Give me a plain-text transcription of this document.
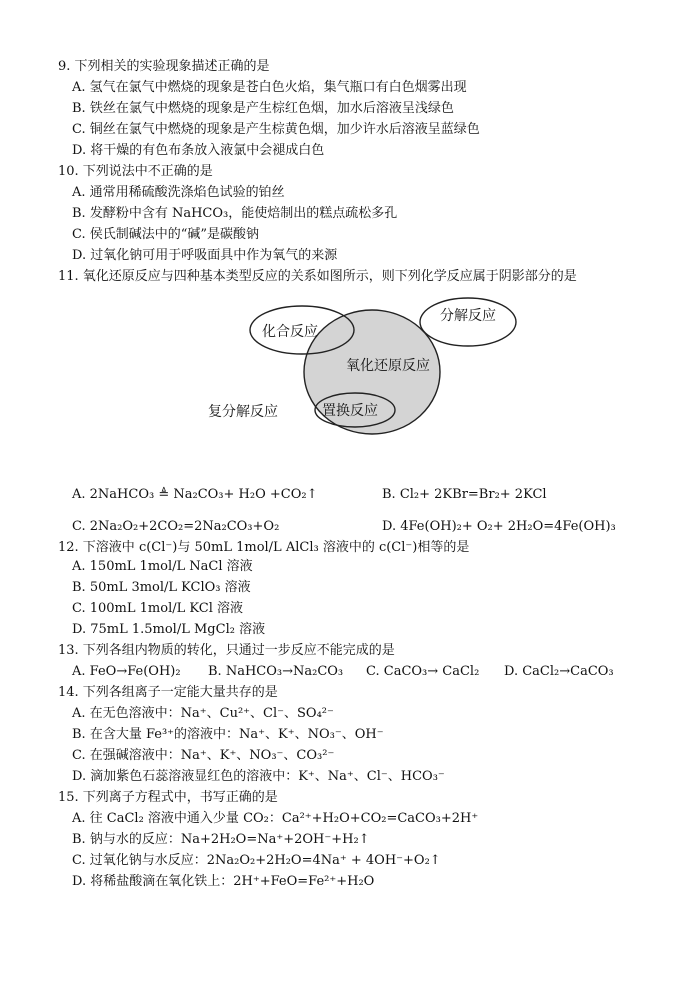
9. 下列相关的实验现象描述正确的是
A. 氢气在氯气中燃烧的现象是苍白色火焰，集气瓶口有白色烟雾出现
B. 铁丝在氯气中燃烧的现象是产生棕红色烟，加水后溶液呈浅绿色
C. 铜丝在氯气中燃烧的现象是产生棕黄色烟，加少许水后溶液呈蓝绿色
D. 将干燥的有色布条放入液氯中会褪成白色
10. 下列说法中不正确的是
A. 通常用稀硫酸洗涤焰色试验的铂丝
B. 发酵粉中含有 NaHCO₃，能使焙制出的糕点疏松多孔
C. 侯氏制碱法中的“碱”是碳酸钠
D. 过氧化钠可用于呼吸面具中作为氧气的来源
11. 氧化还原反应与四种基本类型反应的关系如图所示，则下列化学反应属于阴影部分的是
化合反应
分解反应
氧化还原反应
复分解反应	置换反应
A. 2NaHCO₃ ≜ Na₂CO₃+ H₂O +CO₂↑	B. Cl₂+ 2KBr=Br₂+ 2KCl
C. 2Na₂O₂+2CO₂=2Na₂CO₃+O₂	D. 4Fe(OH)₂+ O₂+ 2H₂O=4Fe(OH)₃
12. 下溶液中 c(Cl⁻)与 50mL 1mol/L AlCl₃ 溶液中的 c(Cl⁻)相等的是
A. 150mL 1mol/L NaCl 溶液
B. 50mL 3mol/L KClO₃ 溶液
C. 100mL 1mol/L KCl 溶液
D. 75mL 1.5mol/L MgCl₂ 溶液
13. 下列各组内物质的转化，只通过一步反应不能完成的是
A. FeO→Fe(OH)₂ B. NaHCO₃→Na₂CO₃ C. CaCO₃→ CaCl₂ D. CaCl₂→CaCO₃
14. 下列各组离子一定能大量共存的是
A. 在无色溶液中：Na⁺、Cu²⁺、Cl⁻、SO₄²⁻
B. 在含大量 Fe³⁺的溶液中：Na⁺、K⁺、NO₃⁻、OH⁻
C. 在强碱溶液中：Na⁺、K⁺、NO₃⁻、CO₃²⁻
D. 滴加紫色石蕊溶液显红色的溶液中：K⁺、Na⁺、Cl⁻、HCO₃⁻
15. 下列离子方程式中，书写正确的是
A. 往 CaCl₂ 溶液中通入少量 CO₂：Ca²⁺+H₂O+CO₂=CaCO₃+2H⁺
B. 钠与水的反应：Na+2H₂O=Na⁺+2OH⁻+H₂↑
C. 过氧化钠与水反应：2Na₂O₂+2H₂O=4Na⁺ + 4OH⁻+O₂↑
D. 将稀盐酸滴在氧化铁上：2H⁺+FeO=Fe²⁺+H₂O
